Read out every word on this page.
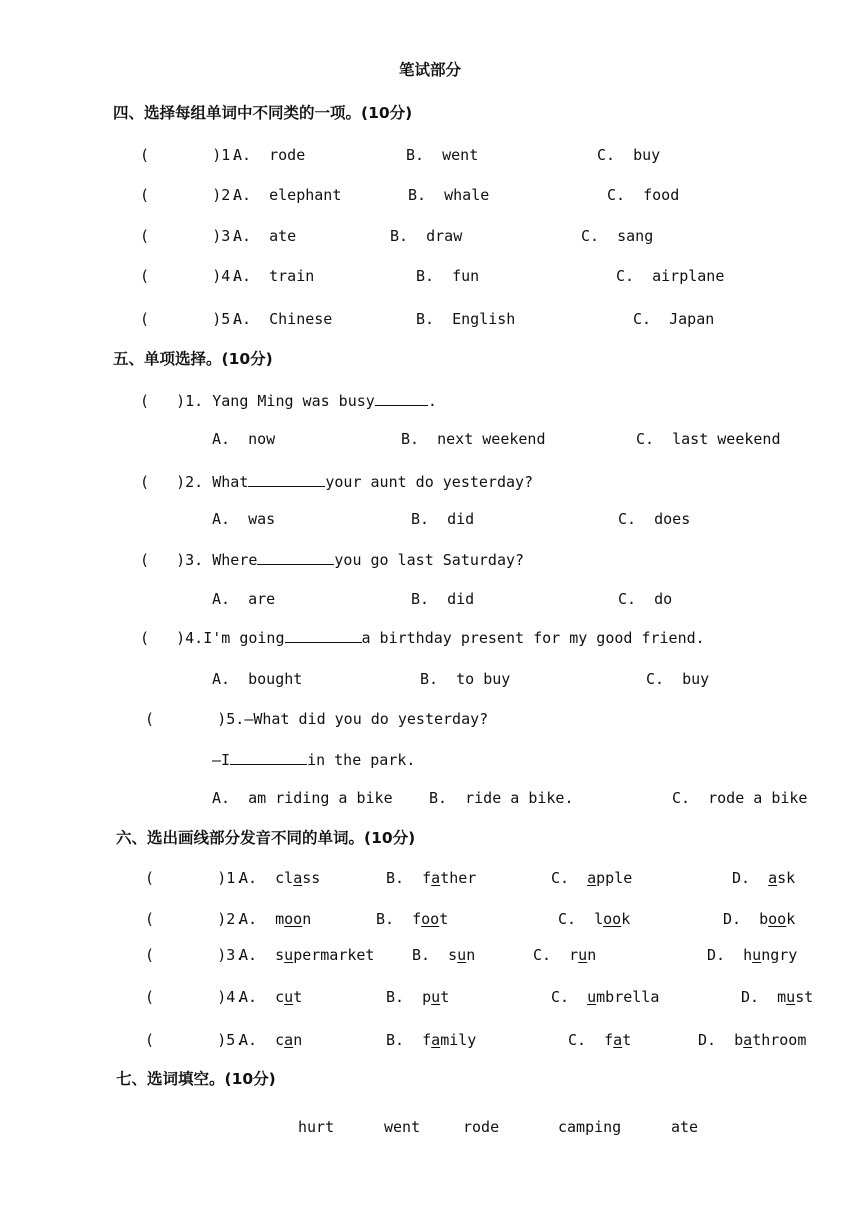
笔试部分
四、选择每组单词中不同类的一项。(10分)
(       )1.
A.  rode	B.  went	C.  buy
(       )2.
A.  elephant	B.  whale	C.  food
(       )3.
A.  ate	B.  draw	C.  sang
(       )4.
A.  train	B.  fun	C.  airplane
(       )5.
A.  Chinese	B.  English	C.  Japan
五、单项选择。(10分)
(   )1. Yang Ming was busy	.
A.  now	B.  next weekend	C.  last weekend
(   )2. What	your aunt do yesterday?
A.  was	B.  did	C.  does
(   )3. Where	you go last Saturday?
A.  are	B.  did	C.  do
(   )4.I'm going	a birthday present for my good friend.
A.  bought	B.  to buy	C.  buy
(       )5.—What did you do yesterday?
—I	in the park.
A.  am riding a bike B.  ride a bike.	C.  rode a bike
六、选出画线部分发音不同的单词。(10分)
(       )1.
A.  class	B.  father	C.  apple	D.  ask
(       )2.
A.  moon	B.  foot	C.  look	D.  book
(       )3.
A.  supermarket	B.  sun	C.  run	D.  hungry
(       )4.
A.  cut	B.  put	C.  umbrella	D.  must
(       )5.
A.  can	B.  family	C.  fat	D.  bathroom
七、选词填空。(10分)
hurt	went	rode	camping	ate
